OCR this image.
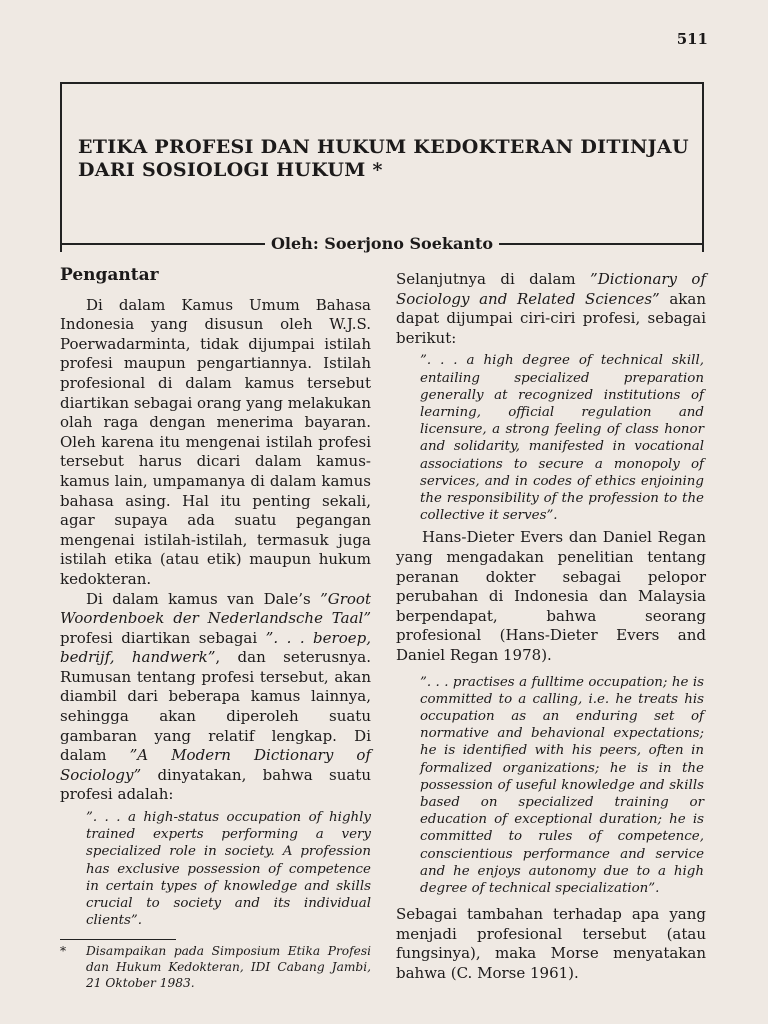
511
ETIKA PROFESI DAN HUKUM KEDOKTERAN DITINJAU DARI SOSIOLOGI HUKUM *
Oleh: Soerjono Soekanto
Pengantar

Di dalam Kamus Umum Bahasa Indonesia yang disusun oleh W.J.S. Poerwadarminta, tidak dijumpai istilah profesi maupun pengartiannya. Istilah profesional di dalam kamus tersebut diartikan sebagai orang yang melakukan olah raga dengan menerima bayaran. Oleh karena itu mengenai istilah profesi tersebut harus dicari dalam kamus-kamus lain, umpamanya di dalam kamus bahasa asing. Hal itu penting sekali, agar supaya ada suatu pegangan mengenai istilah-istilah, termasuk juga istilah etika (atau etik) maupun hukum kedokteran.

Di dalam kamus van Dale’s ”Groot Woordenboek der Nederlandsche Taal” profesi diartikan sebagai ”. . . beroep, bedrijf, handwerk”, dan seterusnya. Rumusan tentang profesi tersebut, akan diambil dari beberapa kamus lainnya, sehingga akan diperoleh suatu gambaran yang relatif lengkap. Di dalam ”A Modern Dictionary of Sociology” dinyatakan, bahwa suatu profesi adalah:

”. . . a high-status occupation of highly trained experts performing a very specialized role in society. A profession has exclusive possession of competence in certain types of knowledge and skills crucial to society and its individual clients”.
*	Disampaikan pada Simposium Etika Profesi dan Hukum Kedokteran, IDI Cabang Jambi, 21 Oktober 1983.

Selanjutnya di dalam ”Dictionary of Sociology and Related Sciences” akan dapat dijumpai ciri-ciri profesi, sebagai berikut:

”. . . a high degree of technical skill, entailing specialized preparation generally at recognized institutions of learning, official regulation and licensure, a strong feeling of class honor and solidarity, manifested in vocational associations to secure a monopoly of services, and in codes of ethics enjoining the responsibility of the profession to the collective it serves”.

Hans-Dieter Evers dan Daniel Regan yang mengadakan penelitian tentang peranan dokter sebagai pelopor perubahan di Indonesia dan Malaysia berpendapat, bahwa seorang profesional (Hans-Dieter Evers and Daniel Regan 1978).

”. . . practises a fulltime occupation; he is committed to a calling, i.e. he treats his occupation as an enduring set of normative and behavional expectations; he is identified with his peers, often in formalized organizations; he is in the possession of useful knowledge and skills based on specialized training or education of exceptional duration; he is committed to rules of competence, conscientious performance and service and he enjoys autonomy due to a high degree of technical specialization”.

Sebagai tambahan terhadap apa yang menjadi profesional tersebut (atau fungsinya), maka Morse menyatakan bahwa (C. Morse 1961).
